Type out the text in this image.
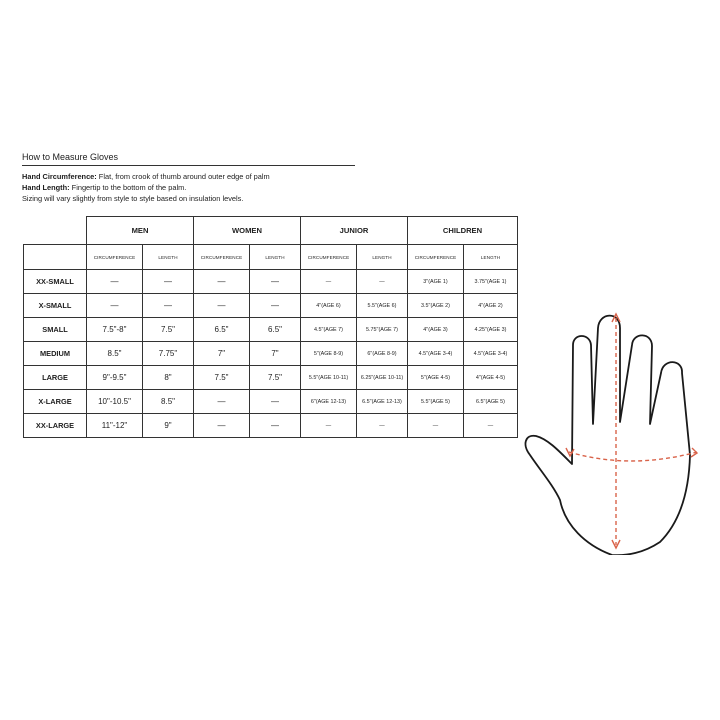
How to Measure Gloves
Hand Circumference: Flat, from crook of thumb around outer edge of palm
Hand Length: Fingertip to the bottom of the palm.
Sizing will vary slightly from style to style based on insulation levels.
	MEN		WOMEN		JUNIOR		CHILDREN	
	CIRCUMFERENCE	LENGTH	CIRCUMFERENCE	LENGTH	CIRCUMFERENCE	LENGTH	CIRCUMFERENCE	LENGTH
XX-SMALL	—	—	—	—	—	—	3"(AGE 1)	3.75"(AGE 1)
X-SMALL	—	—	—	—	4"(AGE 6)	5.5"(AGE 6)	3.5"(AGE 2)	4"(AGE 2)
SMALL	7.5"-8"	7.5"	6.5"	6.5"	4.5"(AGE 7)	5.75"(AGE 7)	4"(AGE 3)	4.25"(AGE 3)
MEDIUM	8.5"	7.75"	7"	7"	5"(AGE 8-9)	6"(AGE 8-9)	4.5"(AGE 3-4)	4.5"(AGE 3-4)
LARGE	9"-9.5"	8"	7.5"	7.5"	5.5"(AGE 10-11)	6.25"(AGE 10-11)	5"(AGE 4-5)	4"(AGE 4-5)
X-LARGE	10"-10.5"	8.5"	—	—	6"(AGE 12-13)	6.5"(AGE 12-13)	5.5"(AGE 5)	6.5"(AGE 5)
XX-LARGE	11"-12"	9"	—	—	—	—	—	—
